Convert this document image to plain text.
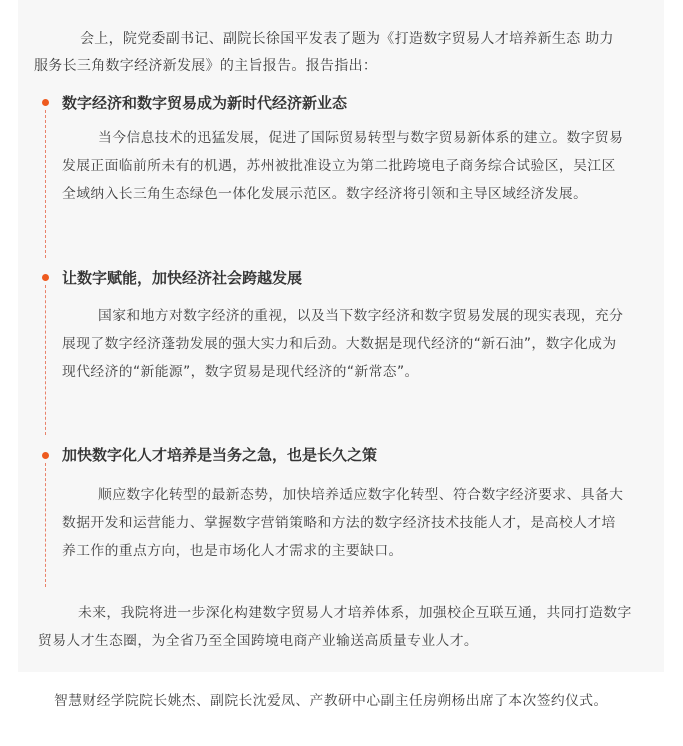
会上，院党委副书记、副院长徐国平发表了题为《打造数字贸易人才培养新生态 助力服务长三角数字经济新发展》的主旨报告。报告指出：
数字经济和数字贸易成为新时代经济新业态
当今信息技术的迅猛发展，促进了国际贸易转型与数字贸易新体系的建立。数字贸易发展正面临前所未有的机遇，苏州被批准设立为第二批跨境电子商务综合试验区，吴江区全域纳入长三角生态绿色一体化发展示范区。数字经济将引领和主导区域经济发展。
让数字赋能，加快经济社会跨越发展
国家和地方对数字经济的重视，以及当下数字经济和数字贸易发展的现实表现，充分展现了数字经济蓬勃发展的强大实力和后劲。大数据是现代经济的“新石油”，数字化成为现代经济的“新能源”，数字贸易是现代经济的“新常态”。
加快数字化人才培养是当务之急，也是长久之策
顺应数字化转型的最新态势，加快培养适应数字化转型、符合数字经济要求、具备大数据开发和运营能力、掌握数字营销策略和方法的数字经济技术技能人才，是高校人才培养工作的重点方向，也是市场化人才需求的主要缺口。
未来，我院将进一步深化构建数字贸易人才培养体系，加强校企互联互通，共同打造数字贸易人才生态圈，为全省乃至全国跨境电商产业输送高质量专业人才。
智慧财经学院院长姚杰、副院长沈爱凤、产教研中心副主任房朔杨出席了本次签约仪式。
